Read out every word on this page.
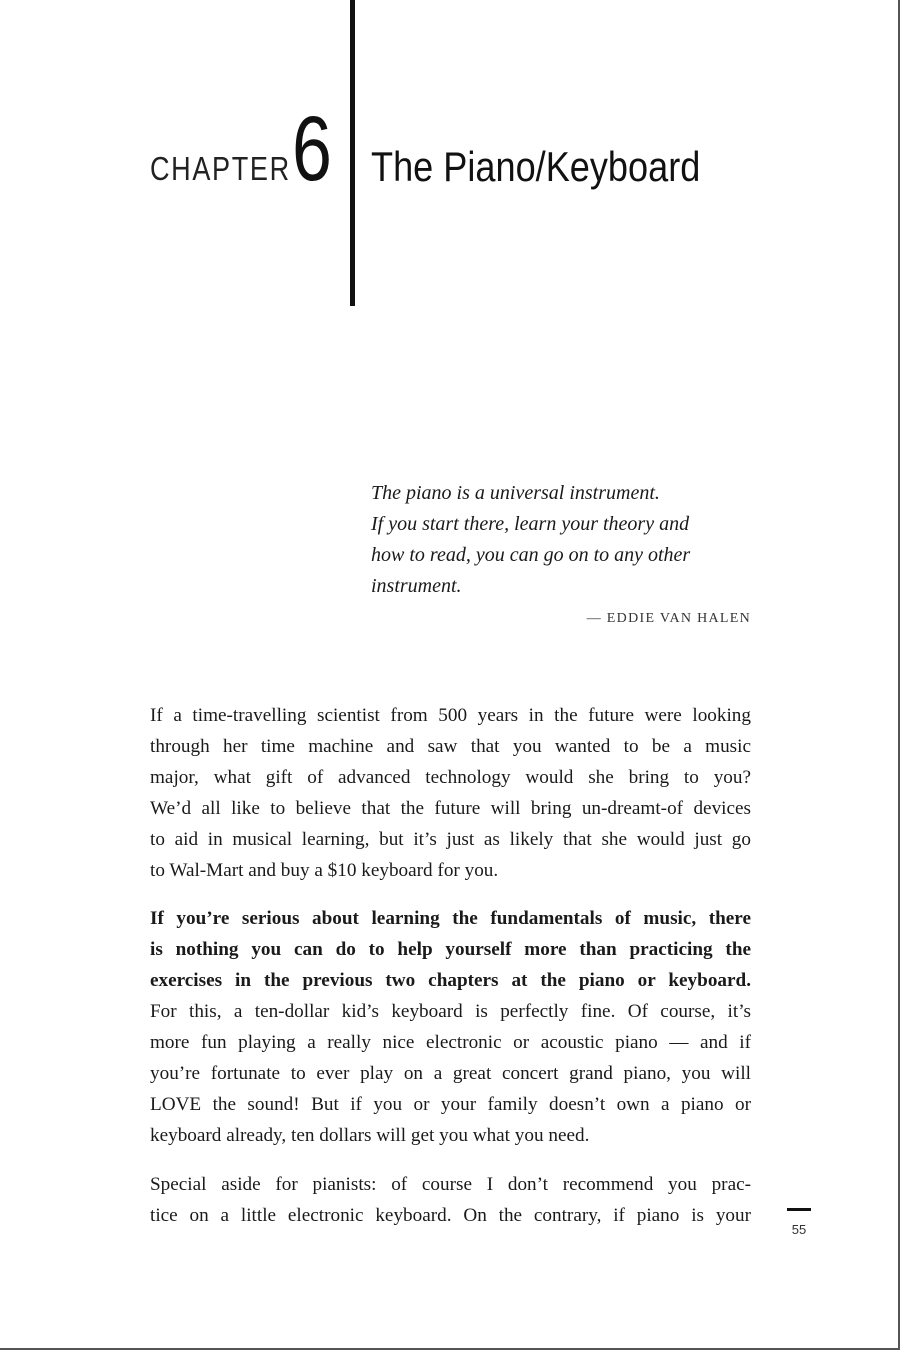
CHAPTER 6 The Piano/Keyboard
The piano is a universal instrument.
If you start there, learn your theory and
how to read, you can go on to any other
instrument.
— EDDIE VAN HALEN
If a time-travelling scientist from 500 years in the future were looking
through her time machine and saw that you wanted to be a music
major, what gift of advanced technology would she bring to you?
We’d all like to believe that the future will bring un-dreamt-of devices
to aid in musical learning, but it’s just as likely that she would just go
to Wal-Mart and buy a $10 keyboard for you.
If you’re serious about learning the fundamentals of music, there
is nothing you can do to help yourself more than practicing the
exercises in the previous two chapters at the piano or keyboard.
For this, a ten-dollar kid’s keyboard is perfectly fine. Of course, it’s
more fun playing a really nice electronic or acoustic piano — and if
you’re fortunate to ever play on a great concert grand piano, you will
LOVE the sound! But if you or your family doesn’t own a piano or
keyboard already, ten dollars will get you what you need.
Special aside for pianists: of course I don’t recommend you prac-
tice on a little electronic keyboard. On the contrary, if piano is your
55
